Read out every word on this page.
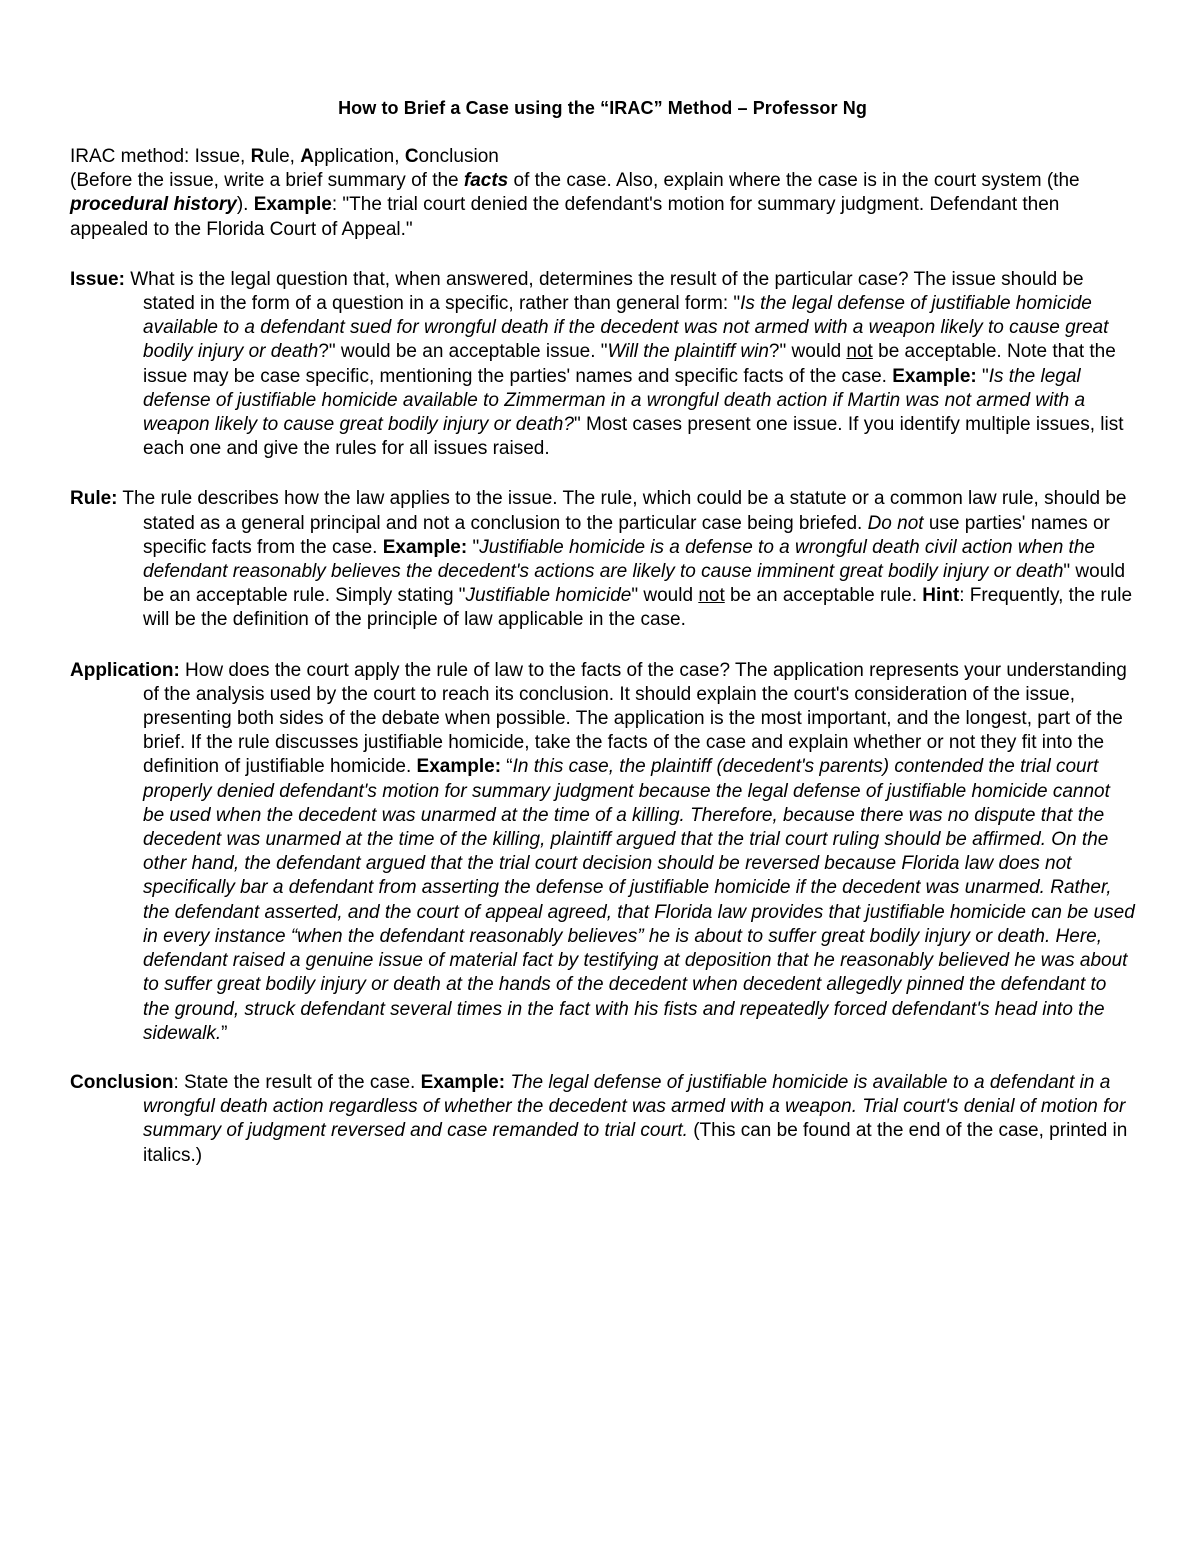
How to Brief a Case using the “IRAC” Method – Professor Ng

IRAC method: Issue, Rule, Application, Conclusion

(Before the issue, write a brief summary of the facts of the case. Also, explain where the case is in the court system (the procedural history). Example: "The trial court denied the defendant's motion for summary judgment. Defendant then appealed to the Florida Court of Appeal."

Issue: What is the legal question that, when answered, determines the result of the particular case? The issue should be stated in the form of a question in a specific, rather than general form: "Is the legal defense of justifiable homicide available to a defendant sued for wrongful death if the decedent was not armed with a weapon likely to cause great bodily injury or death?" would be an acceptable issue. "Will the plaintiff win?" would not be acceptable. Note that the issue may be case specific, mentioning the parties' names and specific facts of the case. Example: "Is the legal defense of justifiable homicide available to Zimmerman in a wrongful death action if Martin was not armed with a weapon likely to cause great bodily injury or death?" Most cases present one issue. If you identify multiple issues, list each one and give the rules for all issues raised.

Rule: The rule describes how the law applies to the issue. The rule, which could be a statute or a common law rule, should be stated as a general principal and not a conclusion to the particular case being briefed. Do not use parties' names or specific facts from the case. Example: "Justifiable homicide is a defense to a wrongful death civil action when the defendant reasonably believes the decedent's actions are likely to cause imminent great bodily injury or death" would be an acceptable rule. Simply stating "Justifiable homicide" would not be an acceptable rule. Hint: Frequently, the rule will be the definition of the principle of law applicable in the case.

Application: How does the court apply the rule of law to the facts of the case? The application represents your understanding of the analysis used by the court to reach its conclusion. It should explain the court's consideration of the issue, presenting both sides of the debate when possible. The application is the most important, and the longest, part of the brief. If the rule discusses justifiable homicide, take the facts of the case and explain whether or not they fit into the definition of justifiable homicide. Example: “In this case, the plaintiff (decedent's parents) contended the trial court properly denied defendant's motion for summary judgment because the legal defense of justifiable homicide cannot be used when the decedent was unarmed at the time of a killing. Therefore, because there was no dispute that the decedent was unarmed at the time of the killing, plaintiff argued that the trial court ruling should be affirmed. On the other hand, the defendant argued that the trial court decision should be reversed because Florida law does not specifically bar a defendant from asserting the defense of justifiable homicide if the decedent was unarmed. Rather, the defendant asserted, and the court of appeal agreed, that Florida law provides that justifiable homicide can be used in every instance “when the defendant reasonably believes” he is about to suffer great bodily injury or death. Here, defendant raised a genuine issue of material fact by testifying at deposition that he reasonably believed he was about to suffer great bodily injury or death at the hands of the decedent when decedent allegedly pinned the defendant to the ground, struck defendant several times in the fact with his fists and repeatedly forced defendant's head into the sidewalk.”

Conclusion: State the result of the case. Example: The legal defense of justifiable homicide is available to a defendant in a wrongful death action regardless of whether the decedent was armed with a weapon. Trial court's denial of motion for summary of judgment reversed and case remanded to trial court. (This can be found at the end of the case, printed in italics.)
